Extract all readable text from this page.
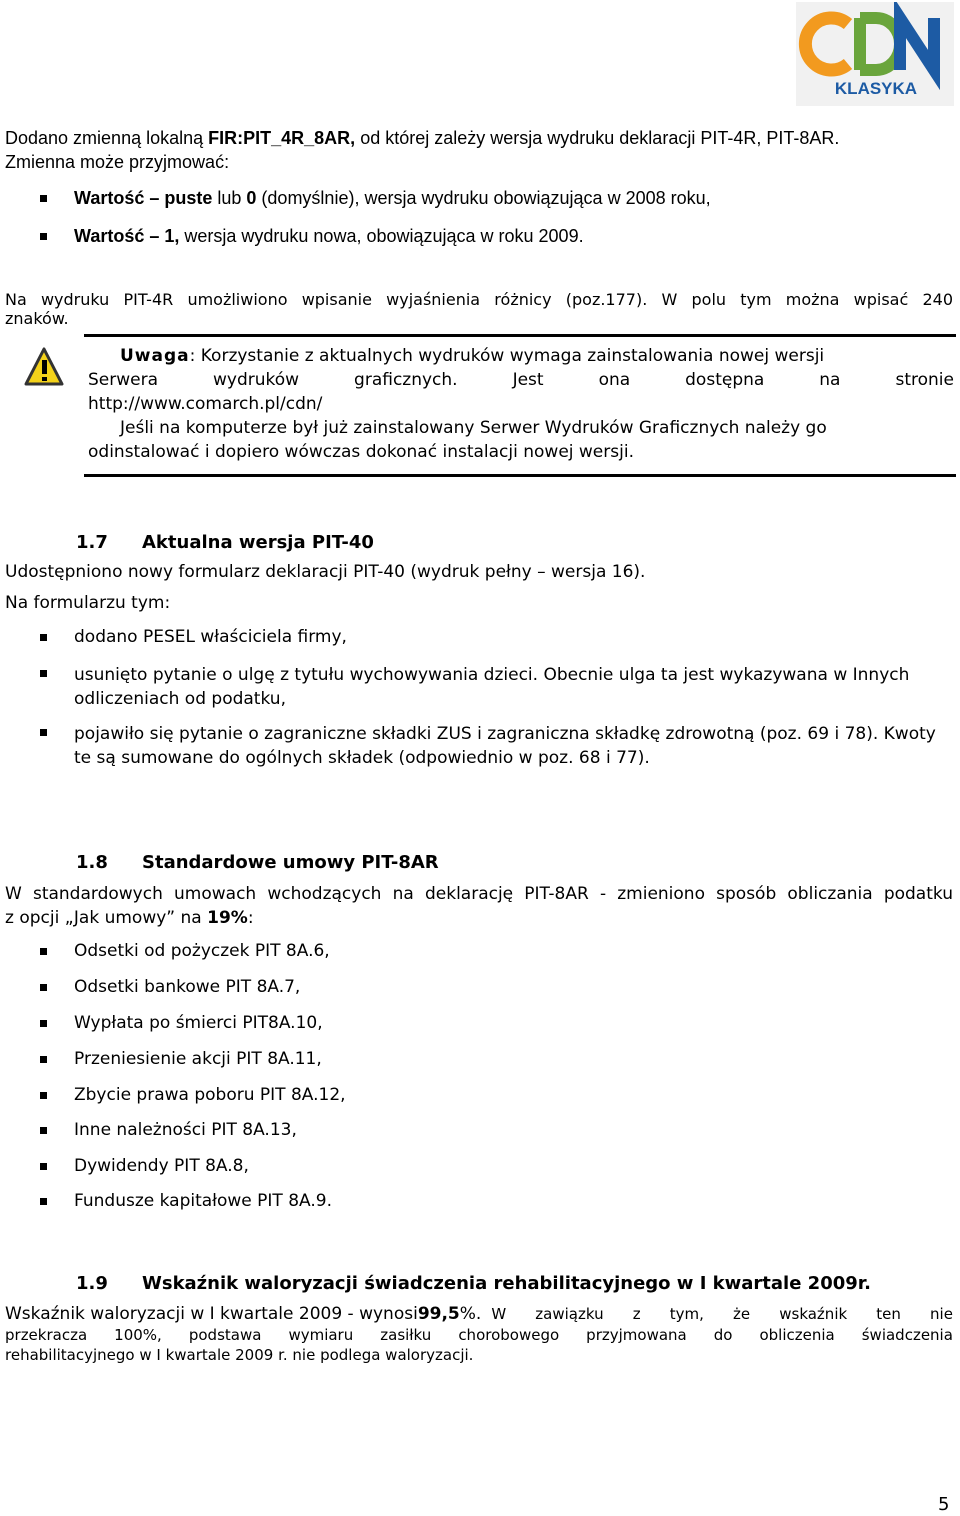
KLASYKA
Dodano zmienną lokalną FIR:PIT_4R_8AR, od której zależy wersja wydruku deklaracji PIT-4R, PIT-8AR.
Zmienna może przyjmować:
Wartość – puste lub 0 (domyślnie), wersja wydruku obowiązująca w 2008 roku,
Wartość – 1, wersja wydruku nowa, obowiązująca w roku 2009.
Na wydruku PIT-4R umożliwiono wpisanie wyjaśnienia różnicy (poz.177). W polu tym można wpisać 240
znaków.
Uwaga: Korzystanie z aktualnych wydruków wymaga zainstalowania nowej wersji
Serwera	wydruków	graficznych.	Jest	ona	dostępna	na	stronie
http://www.comarch.pl/cdn/
Jeśli na komputerze był już zainstalowany Serwer Wydruków Graficznych należy go
odinstalować i dopiero wówczas dokonać instalacji nowej wersji.
1.7 Aktualna wersja PIT-40
Udostępniono nowy formularz deklaracji PIT-40 (wydruk pełny – wersja 16).
Na formularzu tym:
dodano PESEL właściciela firmy,
usunięto pytanie o ulgę z tytułu wychowywania dzieci. Obecnie ulga ta jest wykazywana w Innych
odliczeniach od podatku,
pojawiło się pytanie o zagraniczne składki ZUS i zagraniczna składkę zdrowotną (poz. 69 i 78). Kwoty
te są sumowane do ogólnych składek (odpowiednio w poz. 68 i 77).
1.8 Standardowe umowy PIT-8AR
W standardowych umowach wchodzących na deklarację PIT-8AR - zmieniono sposób obliczania podatku
z opcji „Jak umowy” na 19%:
Odsetki od pożyczek PIT 8A.6,
Odsetki bankowe PIT 8A.7,
Wypłata po śmierci PIT8A.10,
Przeniesienie akcji PIT 8A.11,
Zbycie prawa poboru PIT 8A.12,
Inne należności PIT 8A.13,
Dywidendy PIT 8A.8,
Fundusze kapitałowe PIT 8A.9.
1.9 Wskaźnik waloryzacji świadczenia rehabilitacyjnego w I kwartale 2009r.
Wskaźnik waloryzacji w I kwartale 2009 - wynosi 99,5 %. W zawiązku z tym, że wskaźnik ten nie
przekracza 100%, podstawa wymiaru zasiłku chorobowego przyjmowana do obliczenia świadczenia
rehabilitacyjnego w I kwartale 2009 r. nie podlega waloryzacji.
5
